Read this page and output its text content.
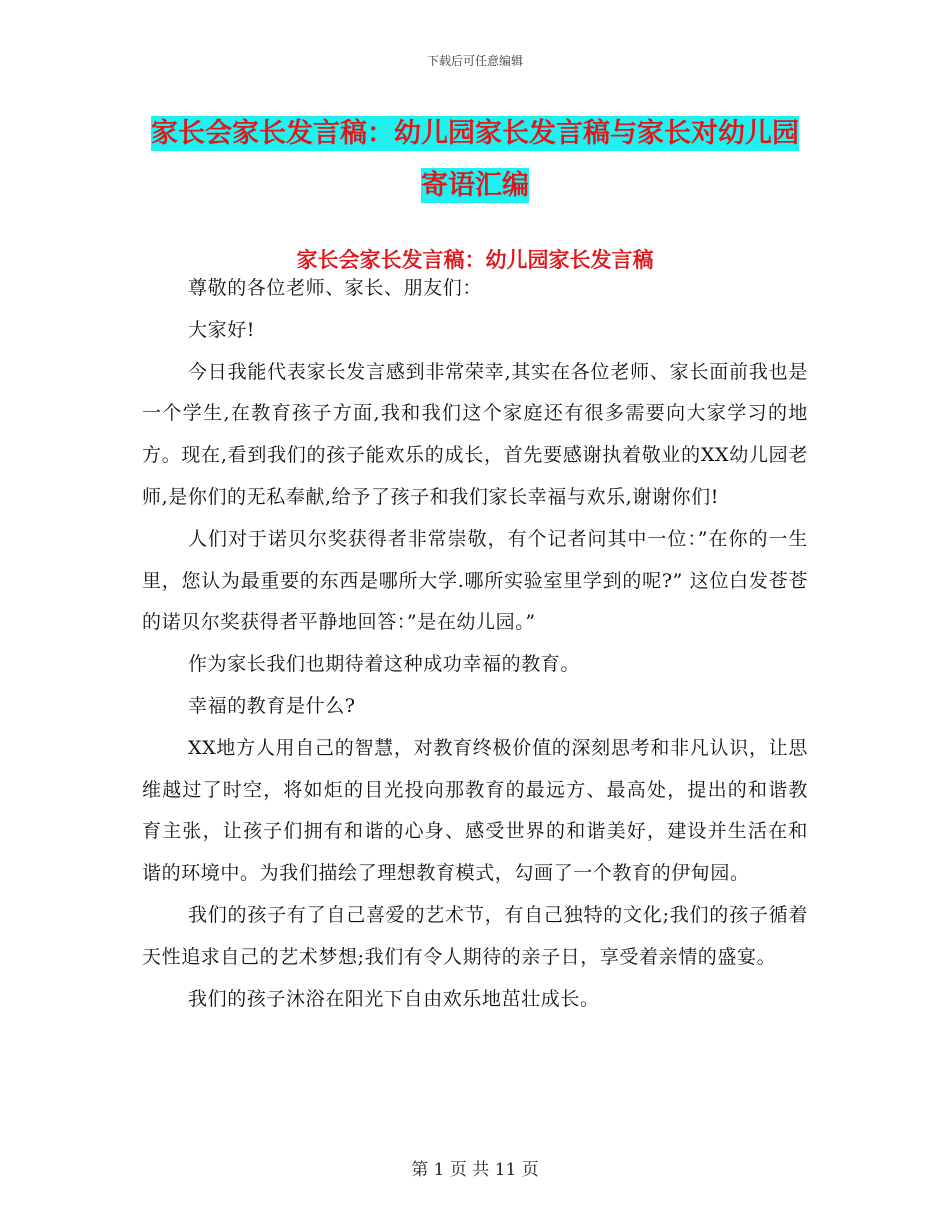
下载后可任意编辑
家长会家长发言稿：幼儿园家长发言稿与家长对幼儿园寄语汇编
家长会家长发言稿：幼儿园家长发言稿

尊敬的各位老师、家长、朋友们：

大家好!

今日我能代表家长发言感到非常荣幸,其实在各位老师、家长面前我也是一个学生,在教育孩子方面,我和我们这个家庭还有很多需要向大家学习的地方。现在,看到我们的孩子能欢乐的成长，首先要感谢执着敬业的XX幼儿园老师,是你们的无私奉献,给予了孩子和我们家长幸福与欢乐,谢谢你们!

人们对于诺贝尔奖获得者非常崇敬，有个记者问其中一位：”在你的一生里，您认为最重要的东西是哪所大学.哪所实验室里学到的呢?” 这位白发苍苍的诺贝尔奖获得者平静地回答：”是在幼儿园。”

作为家长我们也期待着这种成功幸福的教育。

幸福的教育是什么?

XX地方人用自己的智慧，对教育终极价值的深刻思考和非凡认识，让思维越过了时空，将如炬的目光投向那教育的最远方、最高处，提出的和谐教育主张，让孩子们拥有和谐的心身、感受世界的和谐美好，建设并生活在和谐的环境中。为我们描绘了理想教育模式，勾画了一个教育的伊甸园。

我们的孩子有了自己喜爱的艺术节，有自己独特的文化;我们的孩子循着天性追求自己的艺术梦想;我们有令人期待的亲子日，享受着亲情的盛宴。

我们的孩子沐浴在阳光下自由欢乐地茁壮成长。

第 1 页 共 11 页
